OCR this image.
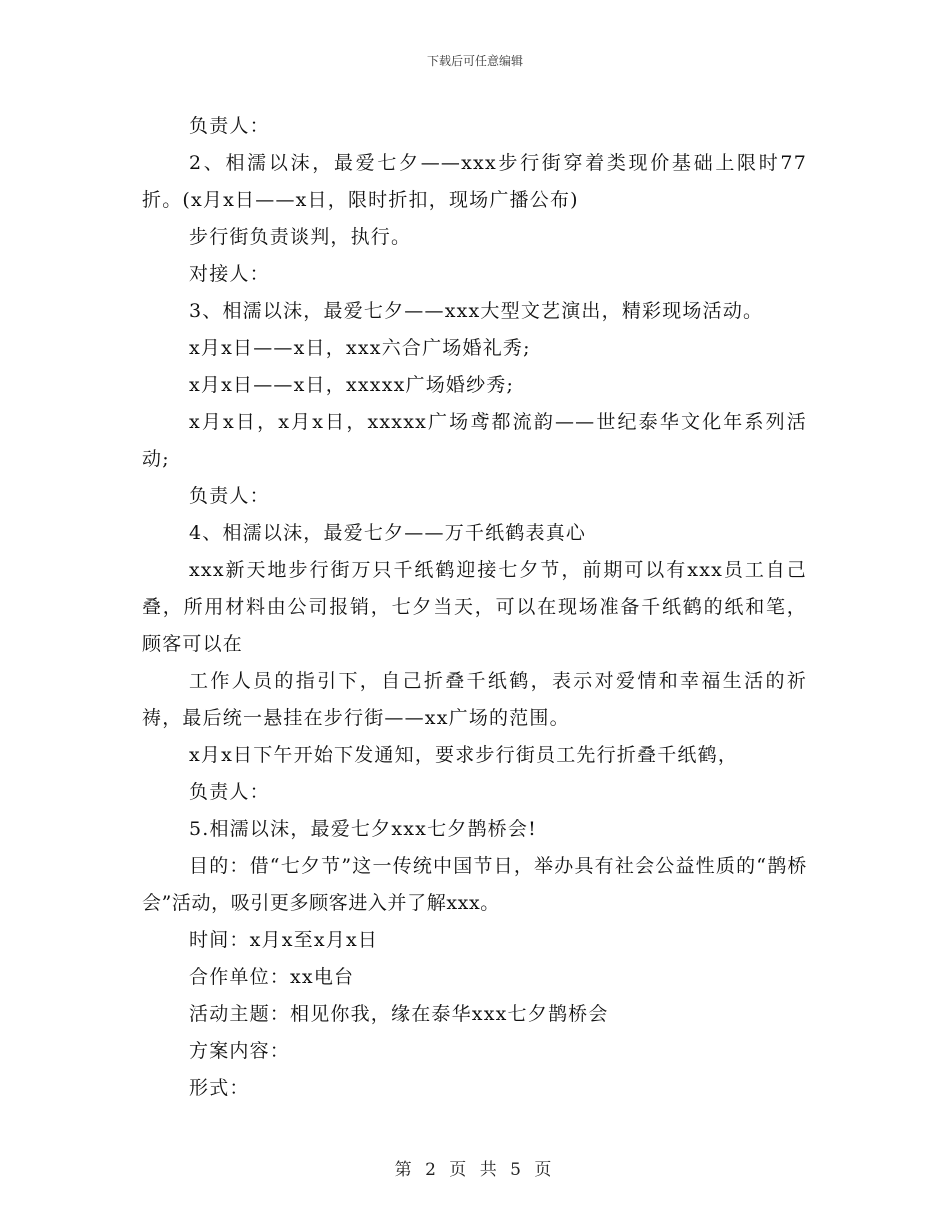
下载后可任意编辑

负责人：

2、相濡以沫，最爱七夕——xxx步行街穿着类现价基础上限时77折。(x月x日——x日，限时折扣，现场广播公布)

步行街负责谈判，执行。

对接人：

3、相濡以沫，最爱七夕——xxx大型文艺演出，精彩现场活动。

x月x日——x日，xxx六合广场婚礼秀;

x月x日——x日，xxxxx广场婚纱秀;

x月x日，x月x日，xxxxx广场鸢都流韵——世纪泰华文化年系列活动;

负责人：

4、相濡以沫，最爱七夕——万千纸鹤表真心

xxx新天地步行街万只千纸鹤迎接七夕节，前期可以有xxx员工自己叠，所用材料由公司报销，七夕当天，可以在现场准备千纸鹤的纸和笔，顾客可以在

工作人员的指引下，自己折叠千纸鹤，表示对爱情和幸福生活的祈祷，最后统一悬挂在步行街——xx广场的范围。

x月x日下午开始下发通知，要求步行街员工先行折叠千纸鹤，

负责人：

5.相濡以沫，最爱七夕xxx七夕鹊桥会!

目的：借“七夕节”这一传统中国节日，举办具有社会公益性质的“鹊桥会”活动，吸引更多顾客进入并了解xxx。

时间：x月x至x月x日

合作单位：xx电台

活动主题：相见你我，缘在泰华xxx七夕鹊桥会

方案内容：

形式：

第 2 页 共 5 页
